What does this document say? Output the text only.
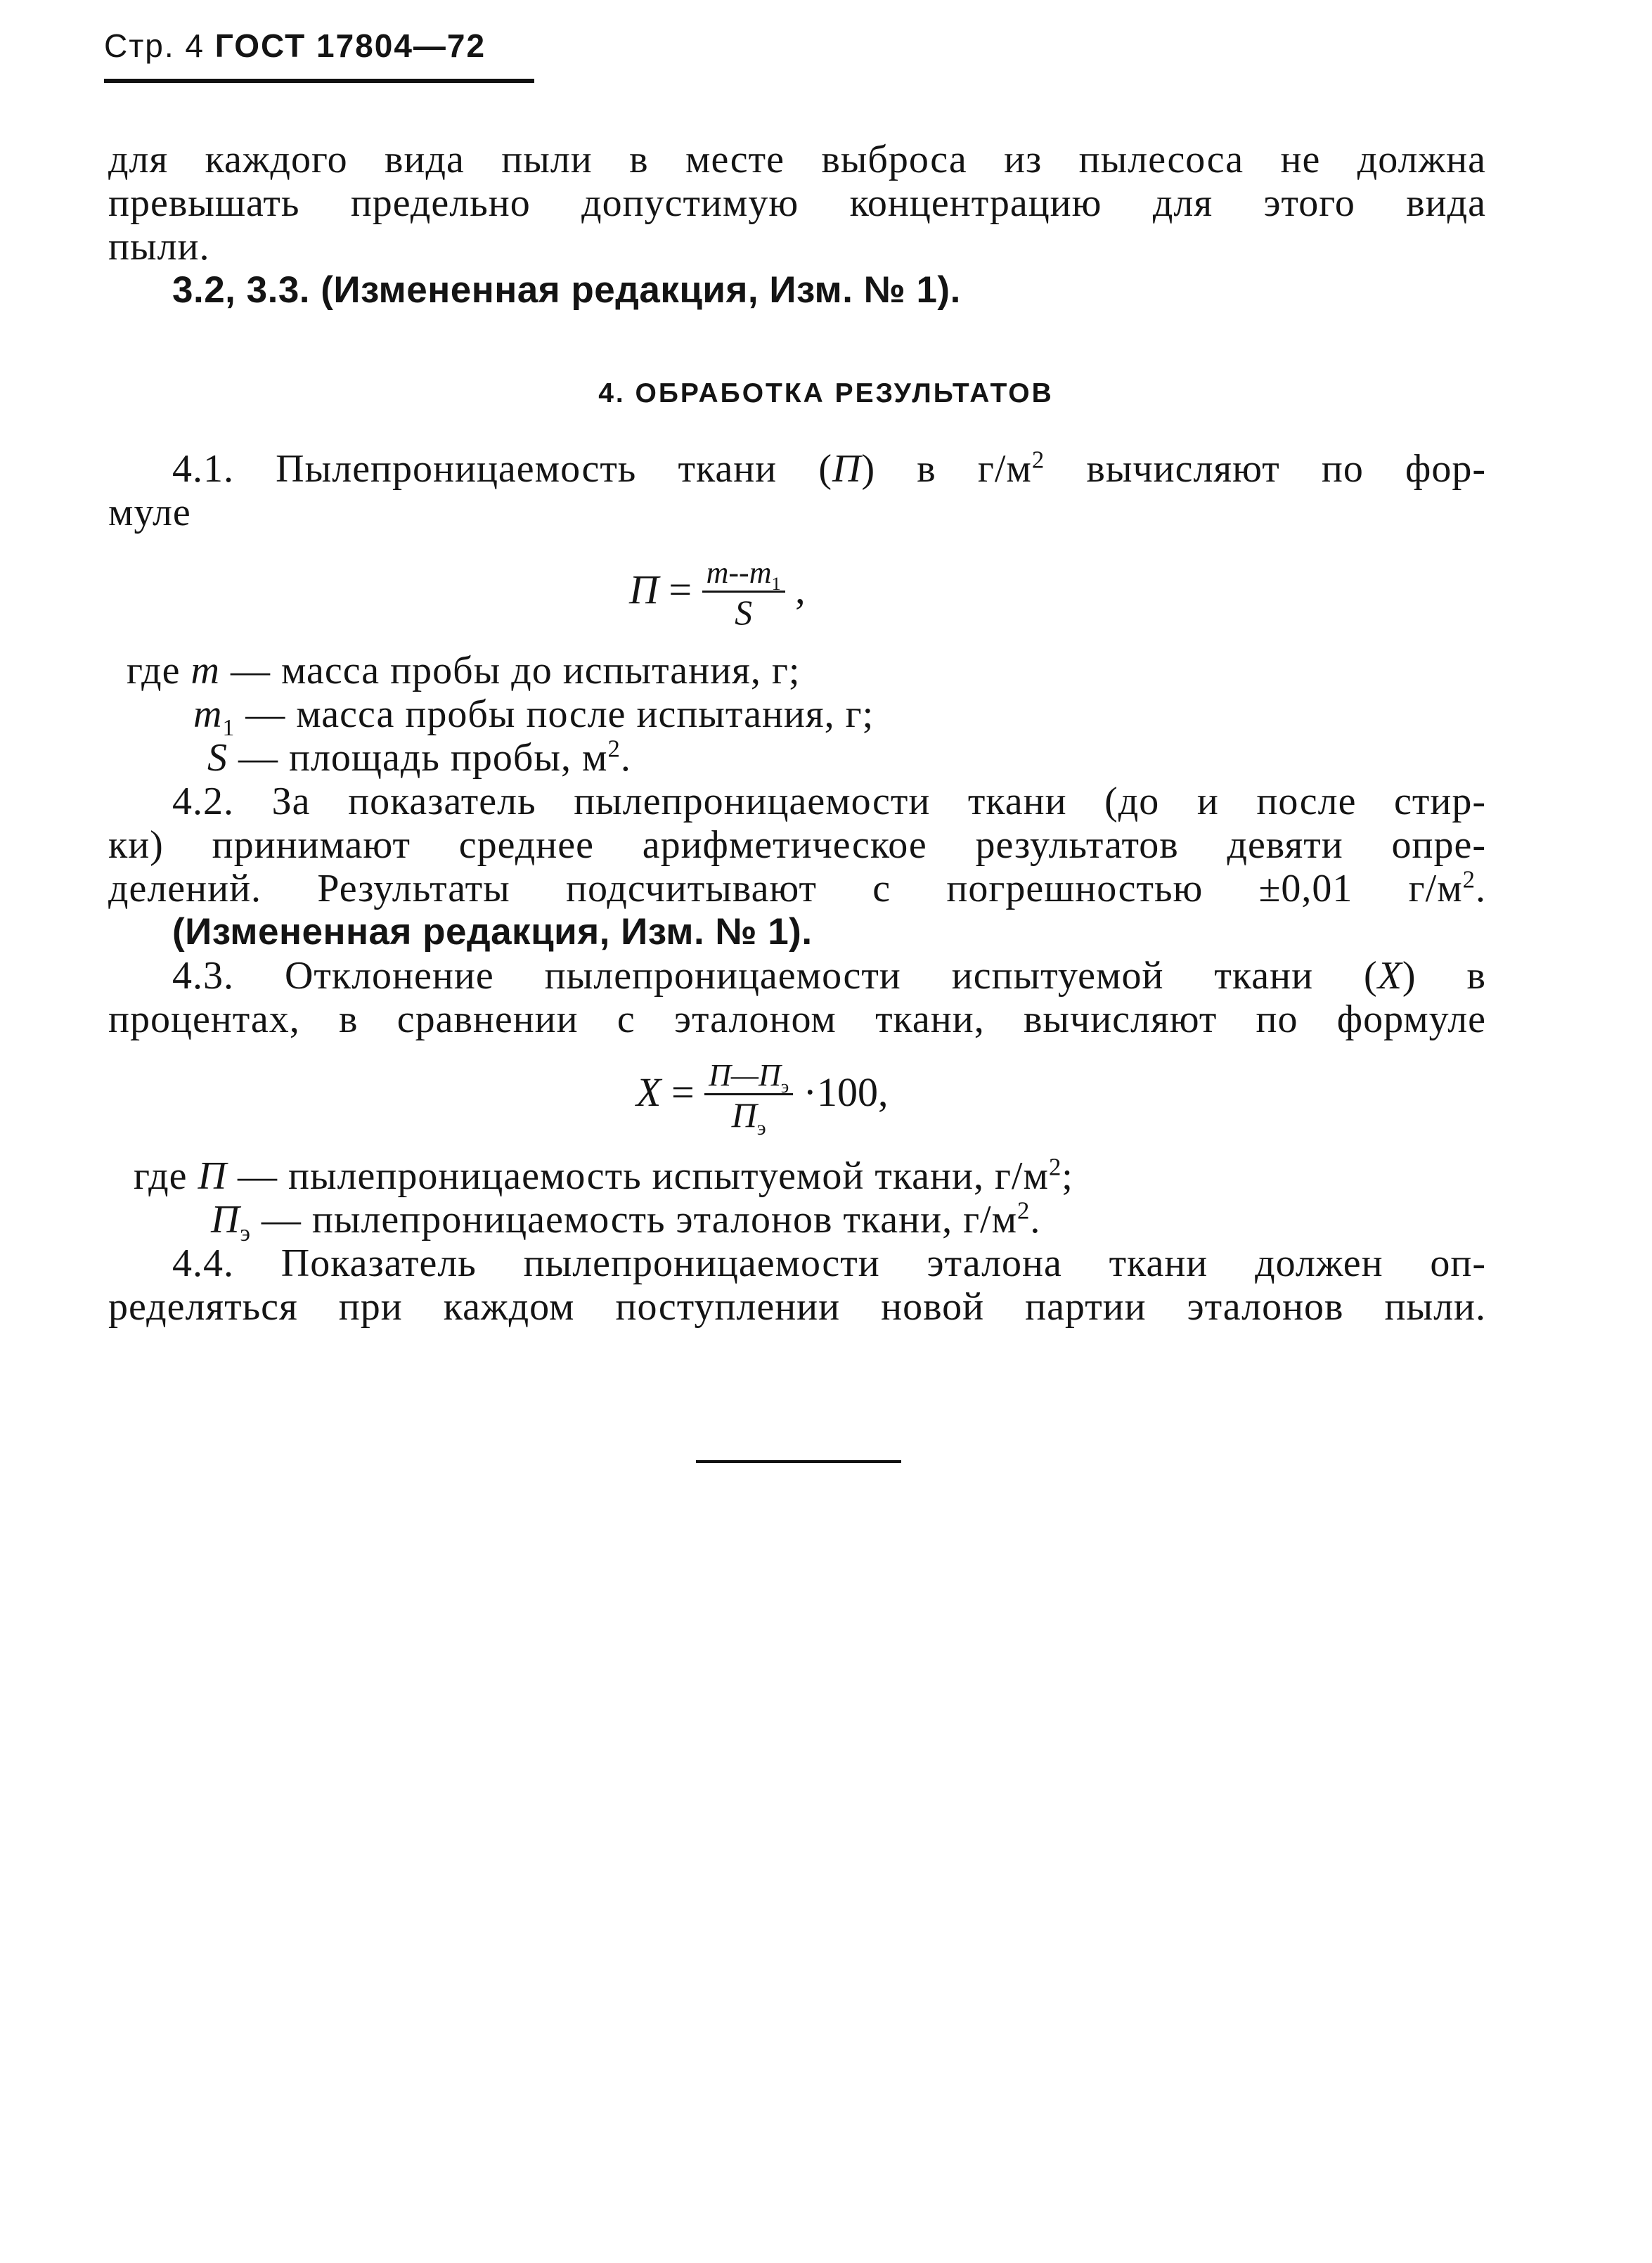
Стр. 4 ГОСТ 17804—72
для каждого вида пыли в месте выброса из пылесоса не должна
превышать предельно допустимую концентрацию для этого вида
пыли.
3.2, 3.3. (Измененная редакция, Изм. № 1).
4. ОБРАБОТКА РЕЗУЛЬТАТОВ
4.1. Пылепроницаемость ткани (П) в $г/м^2$ вычисляют по фор-
муле
$П = \frac{m--m_1}{S}$ ,
где m — масса пробы до испытания, г;
$m_1$ — масса пробы после испытания, г;
S — площадь пробы, $м^2$.
4.2. За показатель пылепроницаемости ткани (до и после стир-
ки) принимают среднее арифметическое результатов девяти опре-
делений. Результаты подсчитывают с погрешностью ±0,01 $г/м^2$.
(Измененная редакция, Изм. № 1).
4.3. Отклонение пылепроницаемости испытуемой ткани (X) в
процентах, в сравнении с эталоном ткани, вычисляют по формуле
$X = \frac{П—П_э}{П_э} \cdot 100$,
где П — пылепроницаемость испытуемой ткани, $г/м^2$;
$П_э$ — пылепроницаемость эталонов ткани, $г/м^2$.
4.4. Показатель пылепроницаемости эталона ткани должен оп-
ределяться при каждом поступлении новой партии эталонов пыли.
